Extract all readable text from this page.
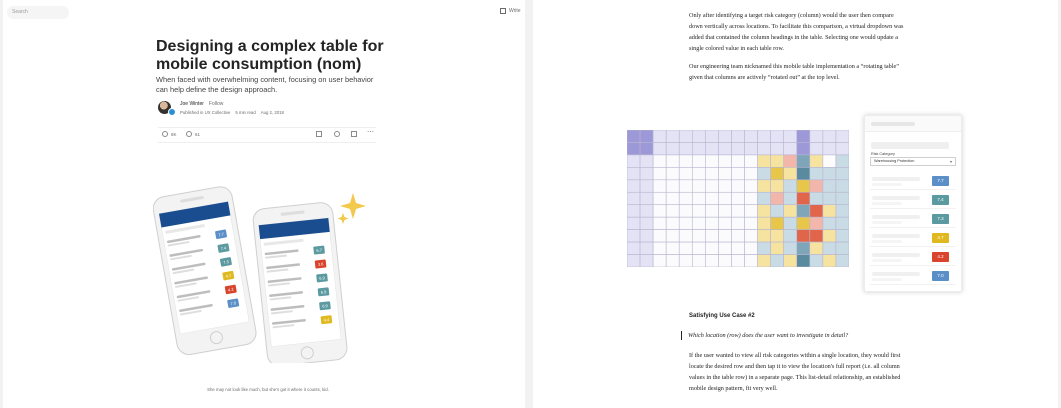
Search	Write
Designing a complex table for mobile consumption (nom)

When faced with overwhelming content, focusing on user behavior can help define the design approach.

Joe Winter Follow
Published in UX Collective 5 min read Aug 2, 2018
8K	61	⋯
7.7
7.4
7.3
4.7
4.2
7.0
6.7
3.6
6.9
6.9
6.9
4.4
She may not look like much, but she's got it where it counts, kid.

Only after identifying a target risk category (column) would the user then compare down vertically across locations. To facilitate this comparison, a virtual dropdown was added that contained the column headings in the table. Selecting one would update a single colored value in each table row.

Our engineering team nicknamed this mobile table implementation a “rotating table” given that columns are actively “rotated out” at the top level.

Risk Category
Warehousing Protection	▾
7.7
7.4
7.3
4.7
4.2
7.0
Satisfying Use Case #2
Which location (row) does the user want to investigate in detail?

If the user wanted to view all risk categories within a single location, they would first locate the desired row and then tap it to view the location's full report (i.e. all column values in the table row) in a separate page. This list-detail relationship, an established mobile design pattern, fit very well.
